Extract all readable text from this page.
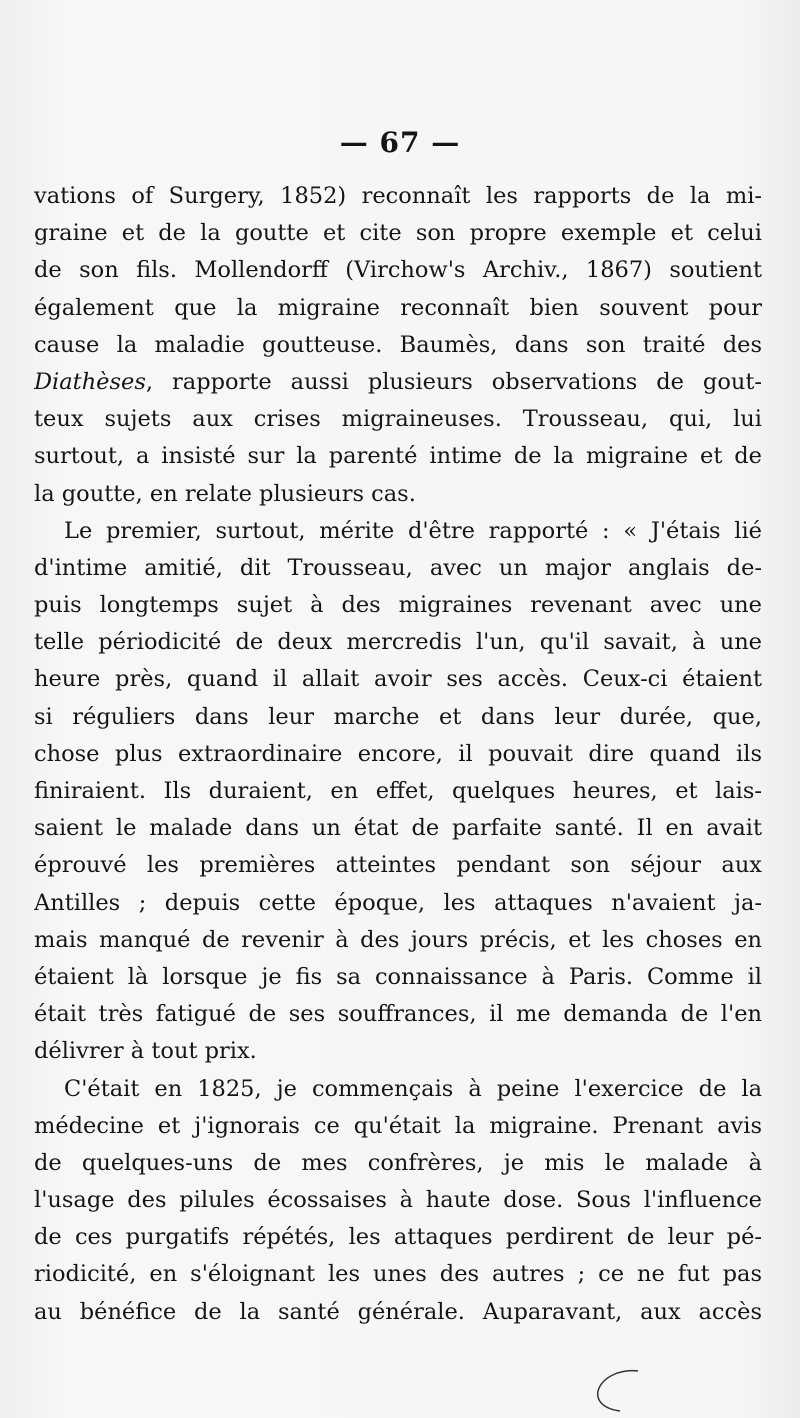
— 67 —
vations of Surgery, 1852) reconnaît les rapports de la mi-
graine et de la goutte et cite son propre exemple et celui
de son fils. Mollendorff (Virchow's Archiv., 1867) soutient
également que la migraine reconnaît bien souvent pour
cause la maladie goutteuse. Baumès, dans son traité des
Diathèses, rapporte aussi plusieurs observations de gout-
teux sujets aux crises migraineuses. Trousseau, qui, lui
surtout, a insisté sur la parenté intime de la migraine et de
la goutte, en relate plusieurs cas.
Le premier, surtout, mérite d'être rapporté : « J'étais lié
d'intime amitié, dit Trousseau, avec un major anglais de-
puis longtemps sujet à des migraines revenant avec une
telle périodicité de deux mercredis l'un, qu'il savait, à une
heure près, quand il allait avoir ses accès. Ceux-ci étaient
si réguliers dans leur marche et dans leur durée, que,
chose plus extraordinaire encore, il pouvait dire quand ils
finiraient. Ils duraient, en effet, quelques heures, et lais-
saient le malade dans un état de parfaite santé. Il en avait
éprouvé les premières atteintes pendant son séjour aux
Antilles ; depuis cette époque, les attaques n'avaient ja-
mais manqué de revenir à des jours précis, et les choses en
étaient là lorsque je fis sa connaissance à Paris. Comme il
était très fatigué de ses souffrances, il me demanda de l'en
délivrer à tout prix.
C'était en 1825, je commençais à peine l'exercice de la
médecine et j'ignorais ce qu'était la migraine. Prenant avis
de quelques-uns de mes confrères, je mis le malade à
l'usage des pilules écossaises à haute dose. Sous l'influence
de ces purgatifs répétés, les attaques perdirent de leur pé-
riodicité, en s'éloignant les unes des autres ; ce ne fut pas
au bénéfice de la santé générale. Auparavant, aux accès
